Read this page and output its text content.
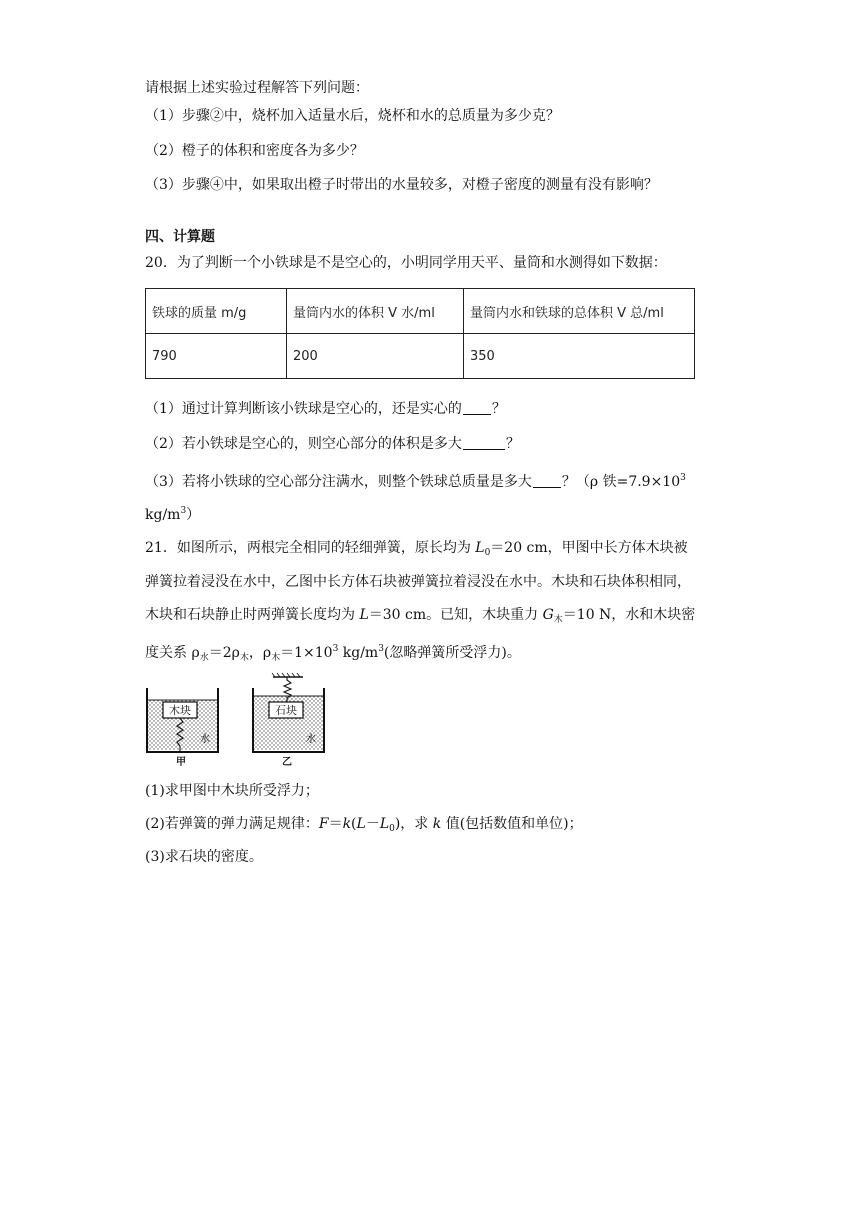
请根据上述实验过程解答下列问题：
（1）步骤②中，烧杯加入适量水后，烧杯和水的总质量为多少克？
（2）橙子的体积和密度各为多少？
（3）步骤④中，如果取出橙子时带出的水量较多，对橙子密度的测量有没有影响？
四、计算题
20．为了判断一个小铁球是不是空心的，小明同学用天平、量筒和水测得如下数据：
铁球的质量 m/g	量筒内水的体积 V 水/ml	量筒内水和铁球的总体积 V 总/ml
790	200	350
（1）通过计算判断该小铁球是空心的，还是实心的 ？
（2）若小铁球是空心的，则空心部分的体积是多大	？
（3）若将小铁球的空心部分注满水，则整个铁球总质量是多大 ？（ρ 铁$=7.9\times 10^3$
$kg/m^3$）
21．如图所示，两根完全相同的轻细弹簧，原长均为 $L_0=20$ cm，甲图中长方体木块被
弹簧拉着浸没在水中，乙图中长方体石块被弹簧拉着浸没在水中。木块和石块体积相同，
木块和石块静止时两弹簧长度均为 L＝30 cm。已知，木块重力 $G_木=10$ N，水和木块密
度关系 $\rho_水=2\rho_木$，$\rho_木=1\times 10^3$ $kg/m^3$(忽略弹簧所受浮力)。
木块
水
甲
石块
水
乙
(1)求甲图中木块所受浮力；
(2)若弹簧的弹力满足规律：$F=k(L-L_0)$，求 k 值(包括数值和单位)；
(3)求石块的密度。
